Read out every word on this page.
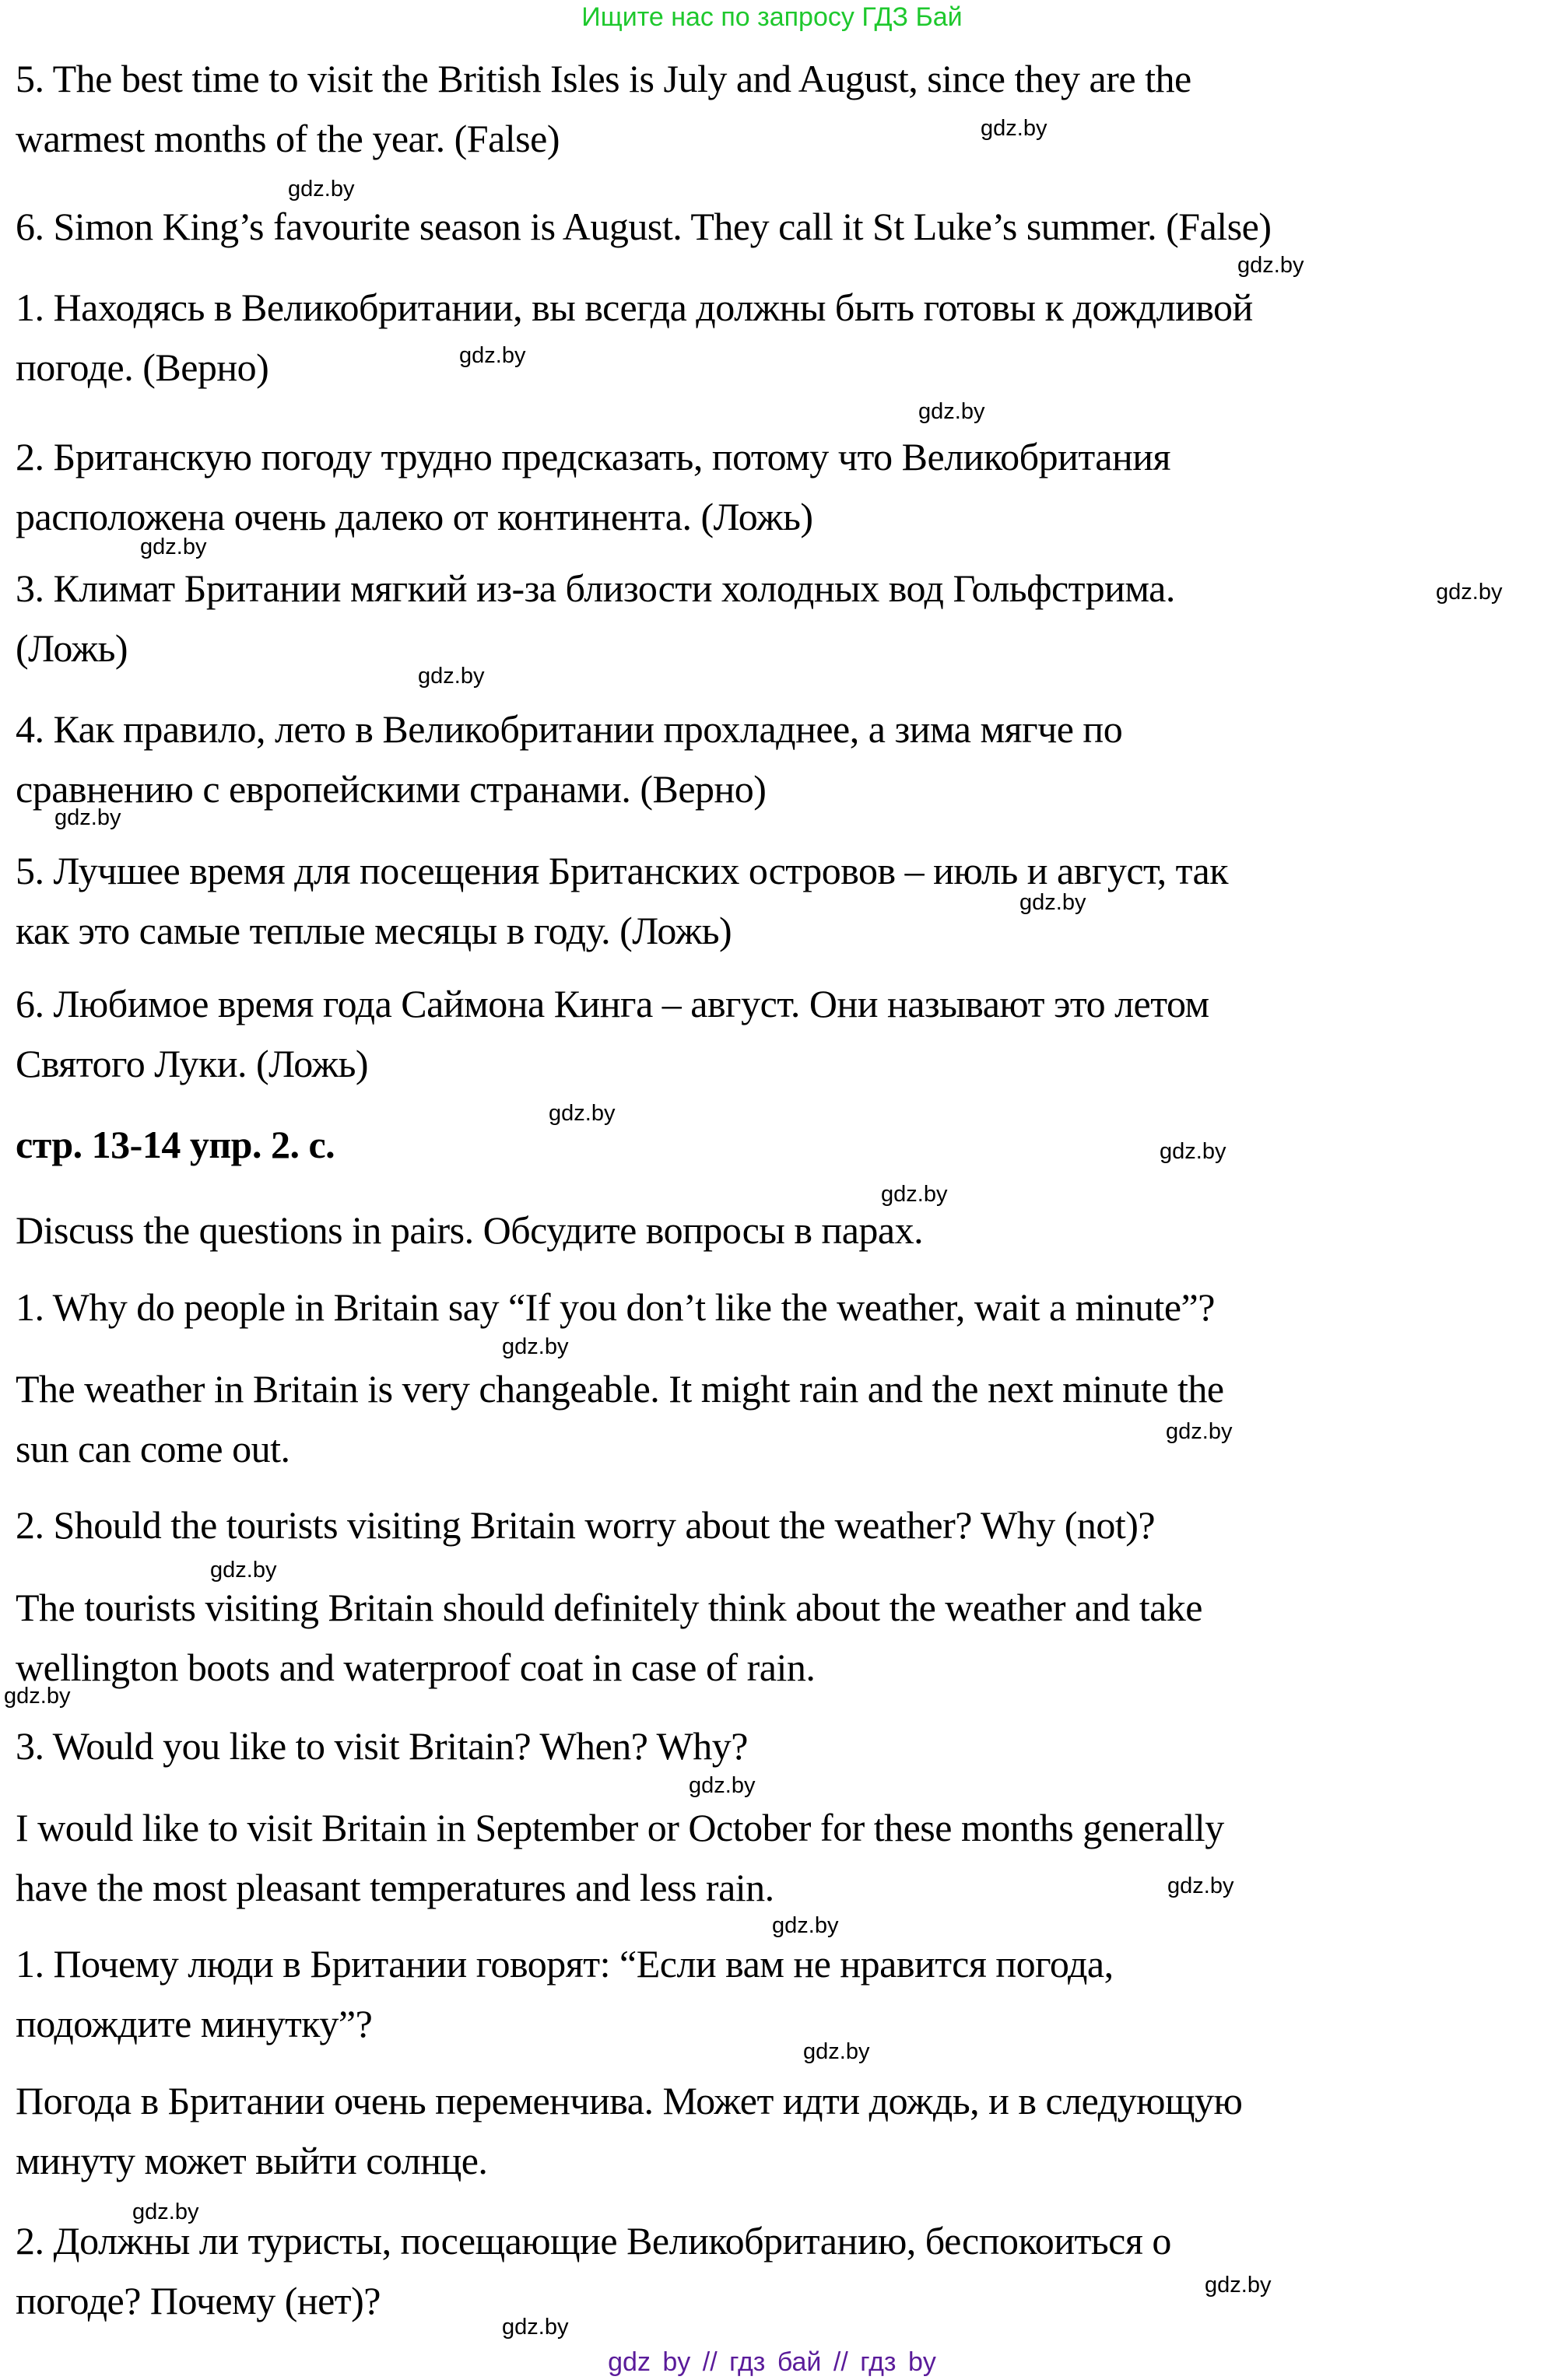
Ищите нас по запросу ГДЗ Бай
5. The best time to visit the British Isles is July and August, since they are the
warmest months of the year. (False)
6. Simon King’s favourite season is August. They call it St Luke’s summer. (False)
1. Находясь в Великобритании, вы всегда должны быть готовы к дождливой
погоде. (Верно)
2. Британскую погоду трудно предсказать, потому что Великобритания
расположена очень далеко от континента. (Ложь)
3. Климат Британии мягкий из-за близости холодных вод Гольфстрима.
(Ложь)
4. Как правило, лето в Великобритании прохладнее, а зима мягче по
сравнению с европейскими странами. (Верно)
5. Лучшее время для посещения Британских островов – июль и август, так
как это самые теплые месяцы в году. (Ложь)
6. Любимое время года Саймона Кинга – август. Они называют это летом
Святого Луки. (Ложь)
стр. 13-14 упр. 2. с.
Discuss the questions in pairs. Обсудите вопросы в парах.
1. Why do people in Britain say “If you don’t like the weather, wait a minute”?
The weather in Britain is very changeable. It might rain and the next minute the
sun can come out.
2. Should the tourists visiting Britain worry about the weather? Why (not)?
The tourists visiting Britain should definitely think about the weather and take
wellington boots and waterproof coat in case of rain.
3. Would you like to visit Britain? When? Why?
I would like to visit Britain in September or October for these months generally
have the most pleasant temperatures and less rain.
1. Почему люди в Британии говорят: “Если вам не нравится погода,
подождите минутку”?
Погода в Британии очень переменчива. Может идти дождь, и в следующую
минуту может выйти солнце.
2. Должны ли туристы, посещающие Великобританию, беспокоиться о
погоде? Почему (нет)?
gdz.by
gdz.by
gdz.by
gdz.by
gdz.by
gdz.by
gdz.by
gdz.by
gdz.by
gdz.by
gdz.by
gdz.by
gdz.by
gdz.by
gdz.by
gdz.by
gdz.by
gdz.by
gdz.by
gdz.by
gdz.by
gdz.by
gdz.by
gdz.by
gdz by // гдз бай // гдз by
